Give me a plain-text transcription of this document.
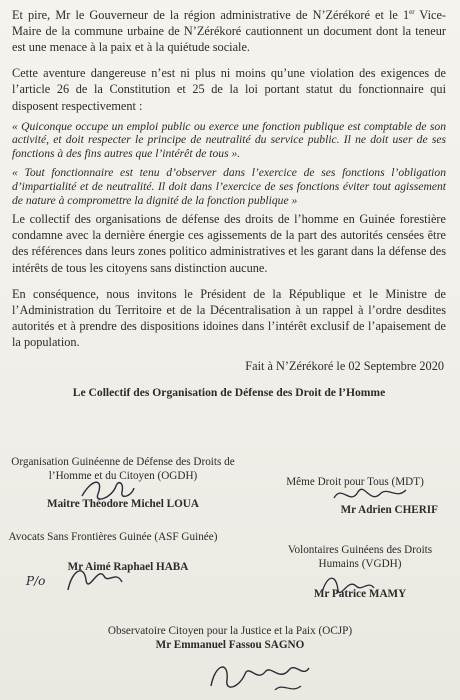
Et pire, Mr le Gouverneur de la région administrative de N’Zérékoré et le 1er Vice-Maire de la commune urbaine de N’Zérékoré cautionnent un document dont la teneur est une menace à la paix et à la quiétude sociale.

Cette aventure dangereuse n’est ni plus ni moins qu’une violation des exigences de l’article 26 de la Constitution et 25 de la loi portant statut du fonctionnaire qui disposent respectivement :

« Quiconque occupe un emploi public ou exerce une fonction publique est comptable de son activité, et doit respecter le principe de neutralité du service public. Il ne doit user de ses fonctions à des fins autres que l’intérêt de tous ».

« Tout fonctionnaire est tenu d’observer dans l’exercice de ses fonctions l’obligation d’impartialité et de neutralité. Il doit dans l’exercice de ses fonctions éviter tout agissement de nature à compromettre la dignité de la fonction publique »

Le collectif des organisations de défense des droits de l’homme en Guinée forestière condamne avec la dernière énergie ces agissements de la part des autorités censées être des références dans leurs zones politico administratives et les garant dans la défense des intérêts de tous les citoyens sans distinction aucune.

En conséquence, nous invitons le Président de la République et le Ministre de l’Administration du Territoire et de la Décentralisation à un rappel à l’ordre desdites autorités et à prendre des dispositions idoines dans l’intérêt exclusif de l’apaisement de la population.

Fait à N’Zérékoré le 02 Septembre 2020
Le Collectif des Organisation de Défense des Droit de l’Homme
Organisation Guinéenne de Défense des Droits de l’Homme et du Citoyen (OGDH)
Maitre Théodore Michel LOUA
Même Droit pour Tous (MDT)
Mr Adrien CHERIF
Avocats Sans Frontières Guinée (ASF Guinée)
Mr Aimé Raphael HABA
P/o
Volontaires Guinéens des Droits Humains (VGDH)
Mr Patrice MAMY
Observatoire Citoyen pour la Justice et la Paix (OCJP)
Mr Emmanuel Fassou SAGNO
